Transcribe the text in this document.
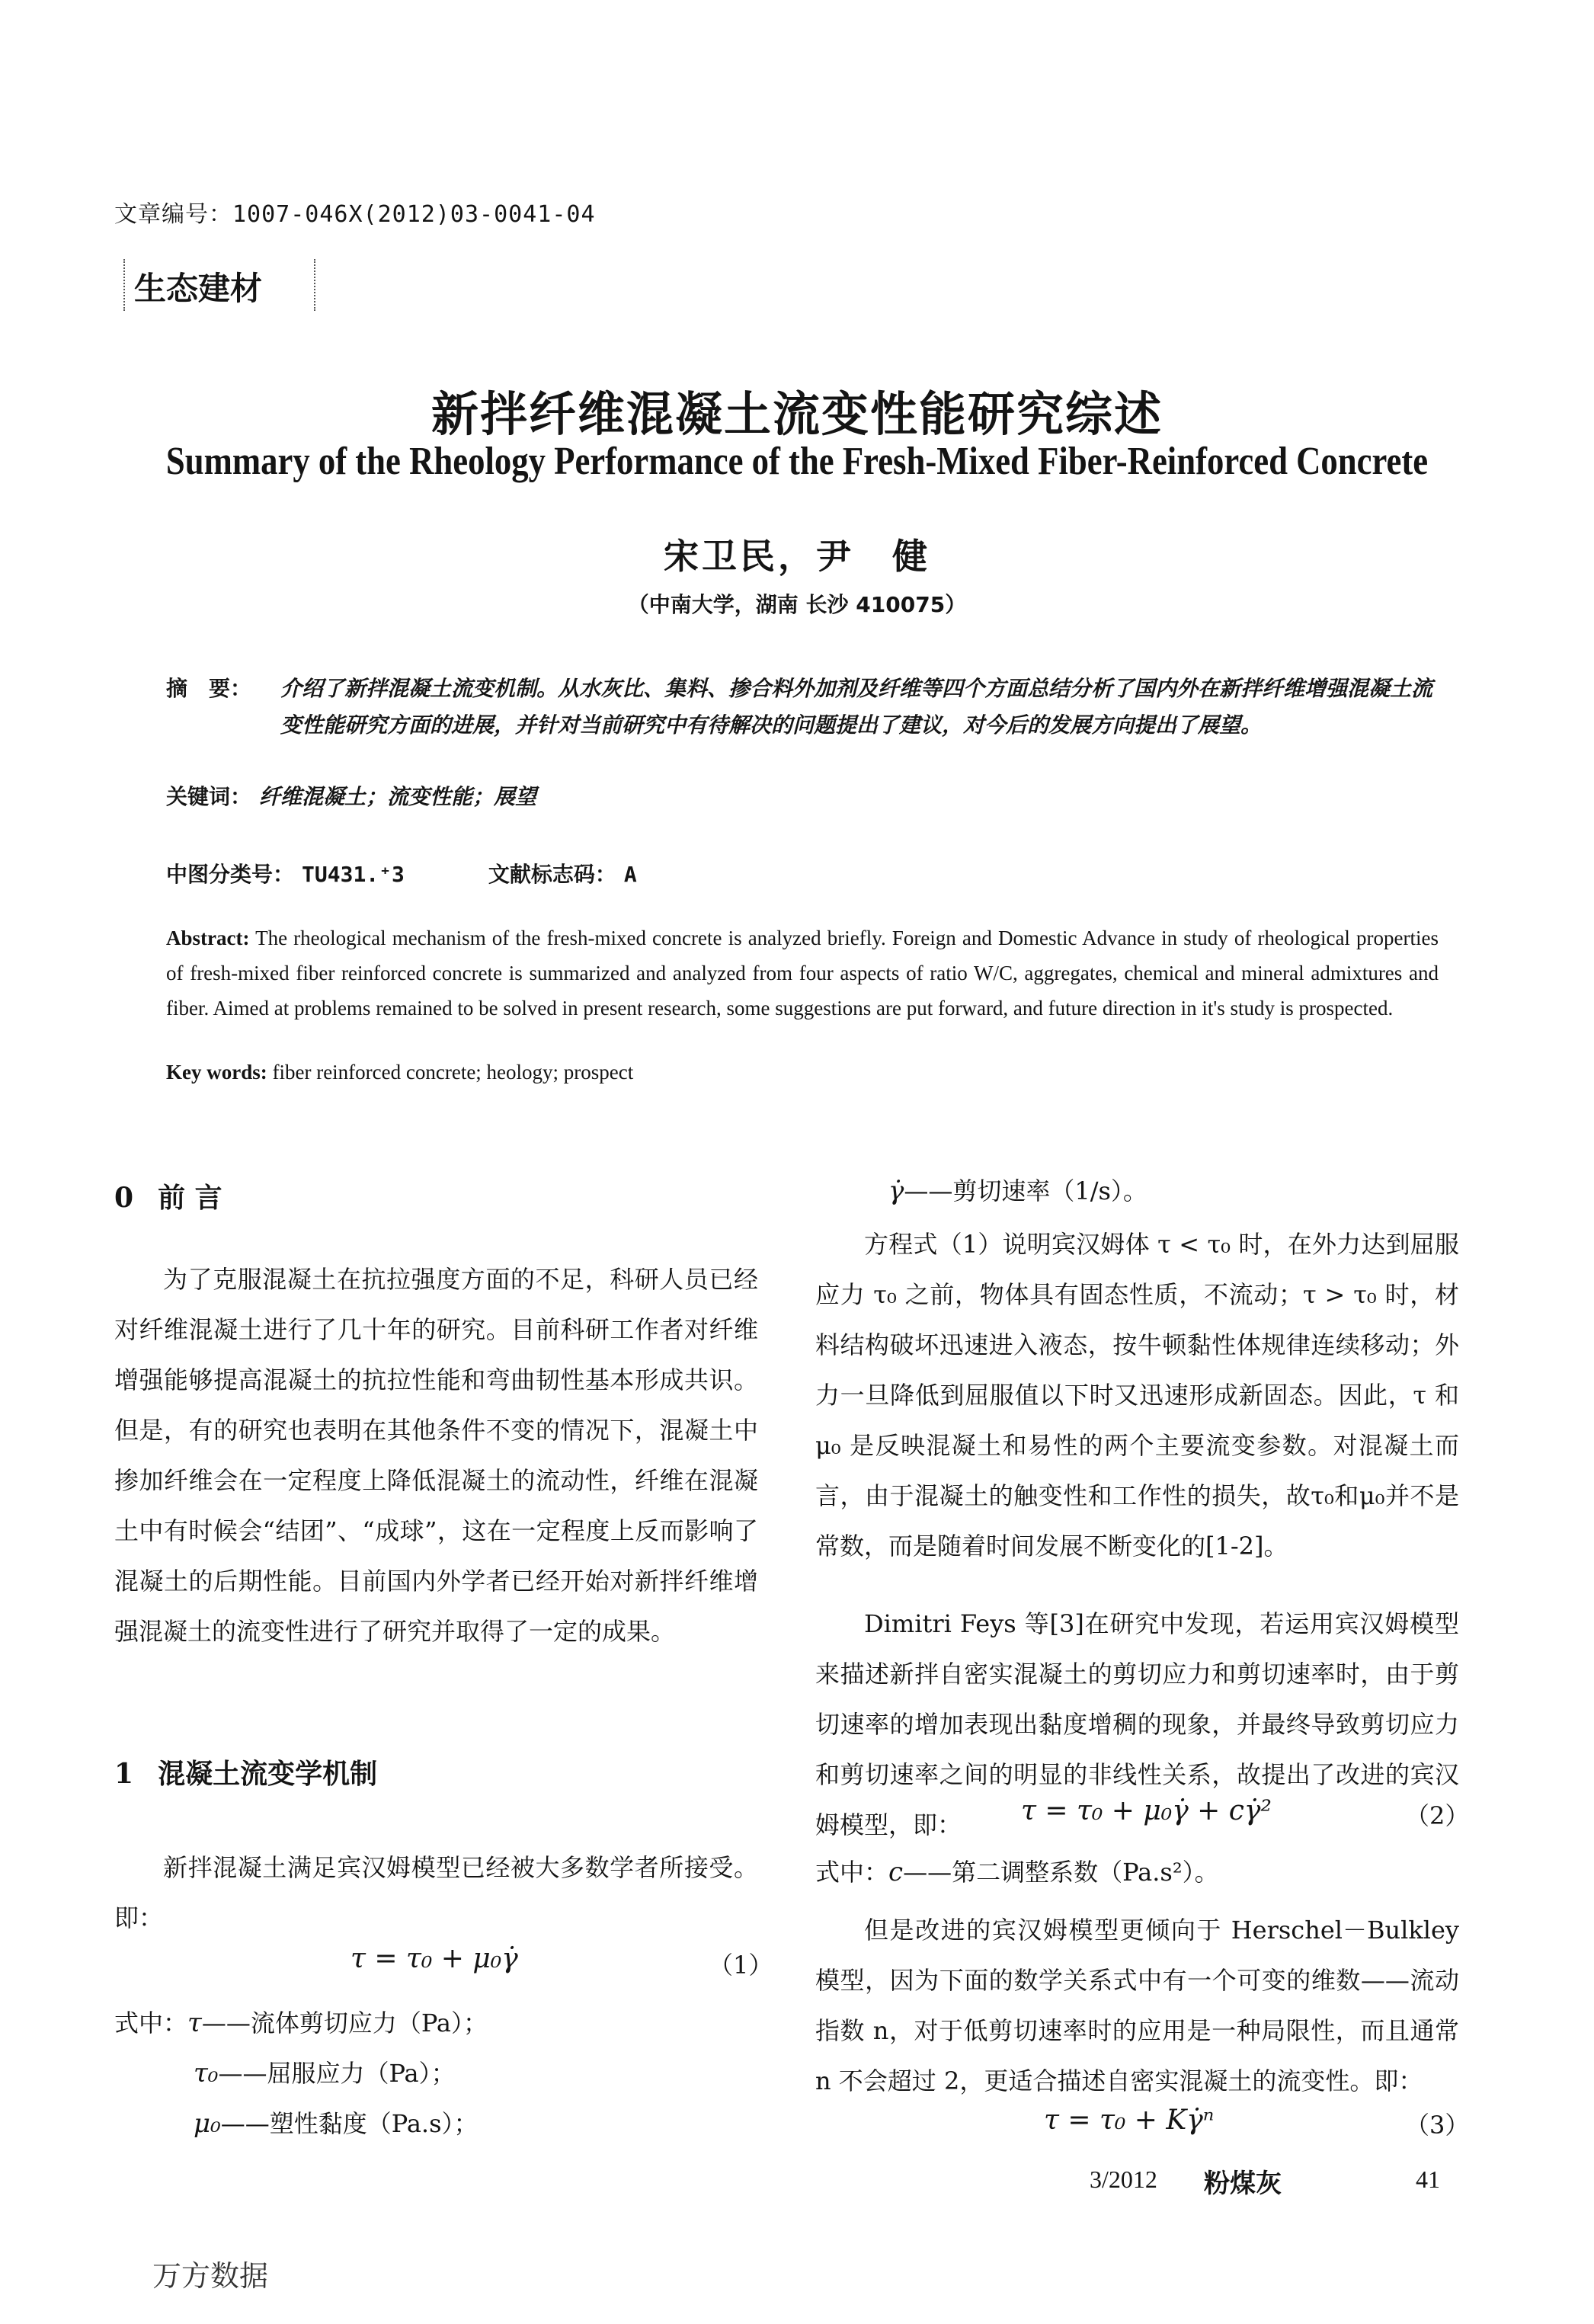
文章编号：1007-046X(2012)03-0041-04
生态建材
新拌纤维混凝土流变性能研究综述
Summary of the Rheology Performance of the Fresh-Mixed Fiber-Reinforced Concrete
宋卫民，尹　健
（中南大学，湖南 长沙 410075）
摘　要：	介绍了新拌混凝土流变机制。从水灰比、集料、掺合料外加剂及纤维等四个方面总结分析了国内外在新拌纤维增强混凝土流变性能研究方面的进展，并针对当前研究中有待解决的问题提出了建议，对今后的发展方向提出了展望。
关键词： 纤维混凝土；流变性能；展望
中图分类号： TU431.⁺3	文献标志码： A
Abstract: The rheological mechanism of the fresh-mixed concrete is analyzed briefly. Foreign and Domestic Advance in study of rheological properties of fresh-mixed fiber reinforced concrete is summarized and analyzed from four aspects of ratio W/C, aggregates, chemical and mineral admixtures and fiber. Aimed at problems remained to be solved in present research, some suggestions are put forward, and future direction in it's study is prospected.
Key words: fiber reinforced concrete; heology; prospect
0 前 言

为了克服混凝土在抗拉强度方面的不足，科研人员已经对纤维混凝土进行了几十年的研究。目前科研工作者对纤维增强能够提高混凝土的抗拉性能和弯曲韧性基本形成共识。但是，有的研究也表明在其他条件不变的情况下，混凝土中掺加纤维会在一定程度上降低混凝土的流动性，纤维在混凝土中有时候会“结团”、“成球”，这在一定程度上反而影响了混凝土的后期性能。目前国内外学者已经开始对新拌纤维增强混凝土的流变性进行了研究并取得了一定的成果。

1 混凝土流变学机制

新拌混凝土满足宾汉姆模型已经被大多数学者所接受。即：

τ = τ₀ + μ₀γ̇	（1）
式中：τ——流体剪切应力（Pa）；
τ₀——屈服应力（Pa）；
μ₀——塑性黏度（Pa.s）；
γ̇——剪切速率（1/s）。

方程式（1）说明宾汉姆体 τ < τ₀ 时，在外力达到屈服应力 τ₀ 之前，物体具有固态性质，不流动；τ > τ₀ 时，材料结构破坏迅速进入液态，按牛顿黏性体规律连续移动；外力一旦降低到屈服值以下时又迅速形成新固态。因此，τ 和 μ₀ 是反映混凝土和易性的两个主要流变参数。对混凝土而言，由于混凝土的触变性和工作性的损失，故τ₀和μ₀并不是常数，而是随着时间发展不断变化的[1-2]。

Dimitri Feys 等[3]在研究中发现，若运用宾汉姆模型来描述新拌自密实混凝土的剪切应力和剪切速率时，由于剪切速率的增加表现出黏度增稠的现象，并最终导致剪切应力和剪切速率之间的明显的非线性关系，故提出了改进的宾汉姆模型，即：	τ = τ₀ + μ₀γ̇ + cγ̇²	（2）
式中：c——第二调整系数（Pa.s²）。

但是改进的宾汉姆模型更倾向于 Herschel－Bulkley 模型，因为下面的数学关系式中有一个可变的维数——流动指数 n，对于低剪切速率时的应用是一种局限性，而且通常 n 不会超过 2，更适合描述自密实混凝土的流变性。即：

τ = τ₀ + Kγ̇ⁿ	（3）
3/2012 粉煤灰	41
万方数据
